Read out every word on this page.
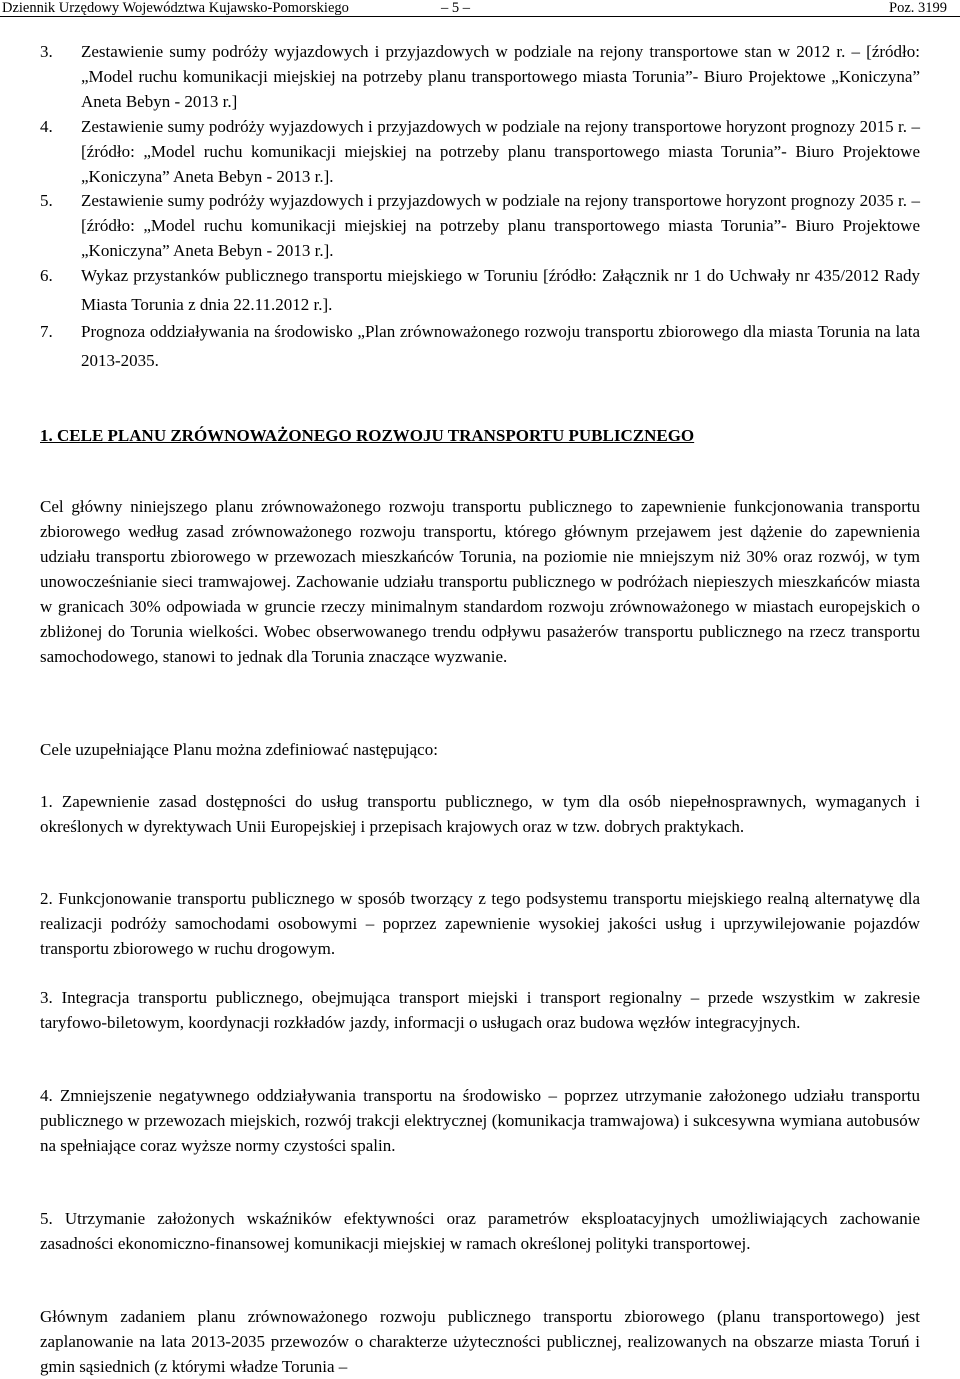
Dziennik Urzędowy Województwa Kujawsko-Pomorskiego	– 5 –	Poz. 3199
3.	Zestawienie sumy podróży wyjazdowych i przyjazdowych w podziale na rejony transportowe stan w 2012 r. – [źródło: „Model ruchu komunikacji miejskiej na potrzeby planu transportowego miasta Torunia”- Biuro Projektowe „Koniczyna” Aneta Bebyn - 2013 r.]
4.	Zestawienie sumy podróży wyjazdowych i przyjazdowych w podziale na rejony transportowe horyzont prognozy 2015 r. – [źródło: „Model ruchu komunikacji miejskiej na potrzeby planu transportowego miasta Torunia”- Biuro Projektowe „Koniczyna” Aneta Bebyn - 2013 r.].
5.	Zestawienie sumy podróży wyjazdowych i przyjazdowych w podziale na rejony transportowe horyzont prognozy 2035 r. – [źródło: „Model ruchu komunikacji miejskiej na potrzeby planu transportowego miasta Torunia”- Biuro Projektowe „Koniczyna” Aneta Bebyn - 2013 r.].
6.	Wykaz przystanków publicznego transportu miejskiego w Toruniu [źródło: Załącznik nr 1 do Uchwały nr 435/2012 Rady Miasta Torunia z dnia 22.11.2012 r.].
7.	Prognoza oddziaływania na środowisko „Plan zrównoważonego rozwoju transportu zbiorowego dla miasta Torunia na lata 2013-2035.
1. CELE PLANU ZRÓWNOWAŻONEGO ROZWOJU TRANSPORTU PUBLICZNEGO

Cel główny niniejszego planu zrównoważonego rozwoju transportu publicznego to zapewnienie funkcjonowania transportu zbiorowego według zasad zrównoważonego rozwoju transportu, którego głównym przejawem jest dążenie do zapewnienia udziału transportu zbiorowego w przewozach mieszkańców Torunia, na poziomie nie mniejszym niż 30% oraz rozwój, w tym unowocześnianie sieci tramwajowej. Zachowanie udziału transportu publicznego w podróżach niepieszych mieszkańców miasta w granicach 30% odpowiada w gruncie rzeczy minimalnym standardom rozwoju zrównoważonego w miastach europejskich o zbliżonej do Torunia wielkości. Wobec obserwowanego trendu odpływu pasażerów transportu publicznego na rzecz transportu samochodowego, stanowi to jednak dla Torunia znaczące wyzwanie.

Cele uzupełniające Planu można zdefiniować następująco:

1. Zapewnienie zasad dostępności do usług transportu publicznego, w tym dla osób niepełnosprawnych, wymaganych i określonych w dyrektywach Unii Europejskiej i przepisach krajowych oraz w tzw. dobrych praktykach.

2. Funkcjonowanie transportu publicznego w sposób tworzący z tego podsystemu transportu miejskiego realną alternatywę dla realizacji podróży samochodami osobowymi – poprzez zapewnienie wysokiej jakości usług i uprzywilejowanie pojazdów transportu zbiorowego w ruchu drogowym.

3. Integracja transportu publicznego, obejmująca transport miejski i transport regionalny – przede wszystkim w zakresie taryfowo-biletowym, koordynacji rozkładów jazdy, informacji o usługach oraz budowa węzłów integracyjnych.

4. Zmniejszenie negatywnego oddziaływania transportu na środowisko – poprzez utrzymanie założonego udziału transportu publicznego w przewozach miejskich, rozwój trakcji elektrycznej (komunikacja tramwajowa) i sukcesywna wymiana autobusów na spełniające coraz wyższe normy czystości spalin.

5. Utrzymanie założonych wskaźników efektywności oraz parametrów eksploatacyjnych umożliwiających zachowanie zasadności ekonomiczno-finansowej komunikacji miejskiej w ramach określonej polityki transportowej.

Głównym zadaniem planu zrównoważonego rozwoju publicznego transportu zbiorowego (planu transportowego) jest zaplanowanie na lata 2013-2035 przewozów o charakterze użyteczności publicznej, realizowanych na obszarze miasta Toruń i gmin sąsiednich (z którymi władze Torunia –
